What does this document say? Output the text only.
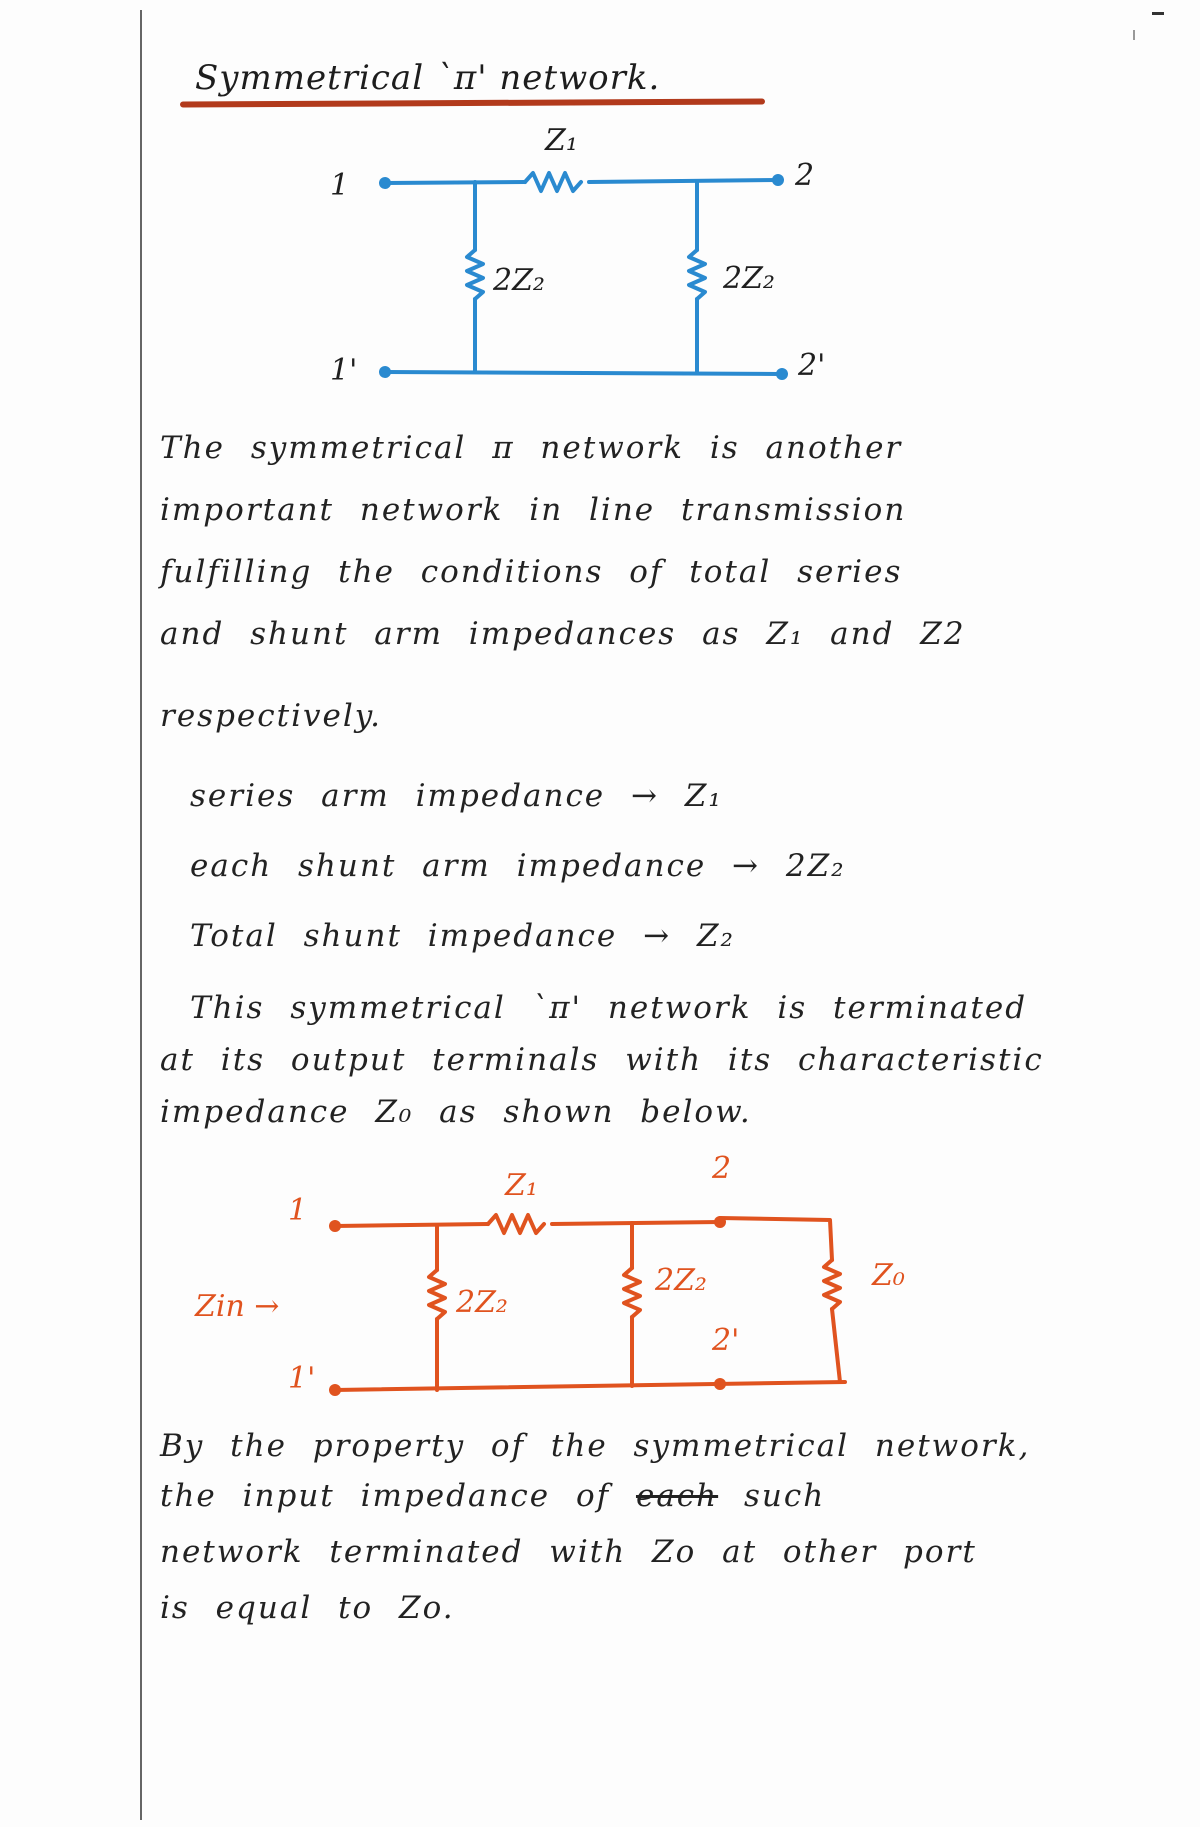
Symmetrical `π' network.
Z₁
2Z₂	2Z₂
1
1'
2
2'
The symmetrical π network is another
important network in line transmission
fulfilling the conditions of total series
and shunt arm impedances as Z₁ and Z2
respectively.
series arm impedance → Z₁
each shunt arm impedance → 2Z₂
Total shunt impedance → Z₂
This symmetrical `π' network is terminated
at its output terminals with its characteristic
impedance Z₀ as shown below.
Z₁
2Z₂
2Z₂	Z₀
Zin →
1
1'
2
2'
By the property of the symmetrical network,
the input impedance of each such
network terminated with Zo at other port
is equal to Zo.
